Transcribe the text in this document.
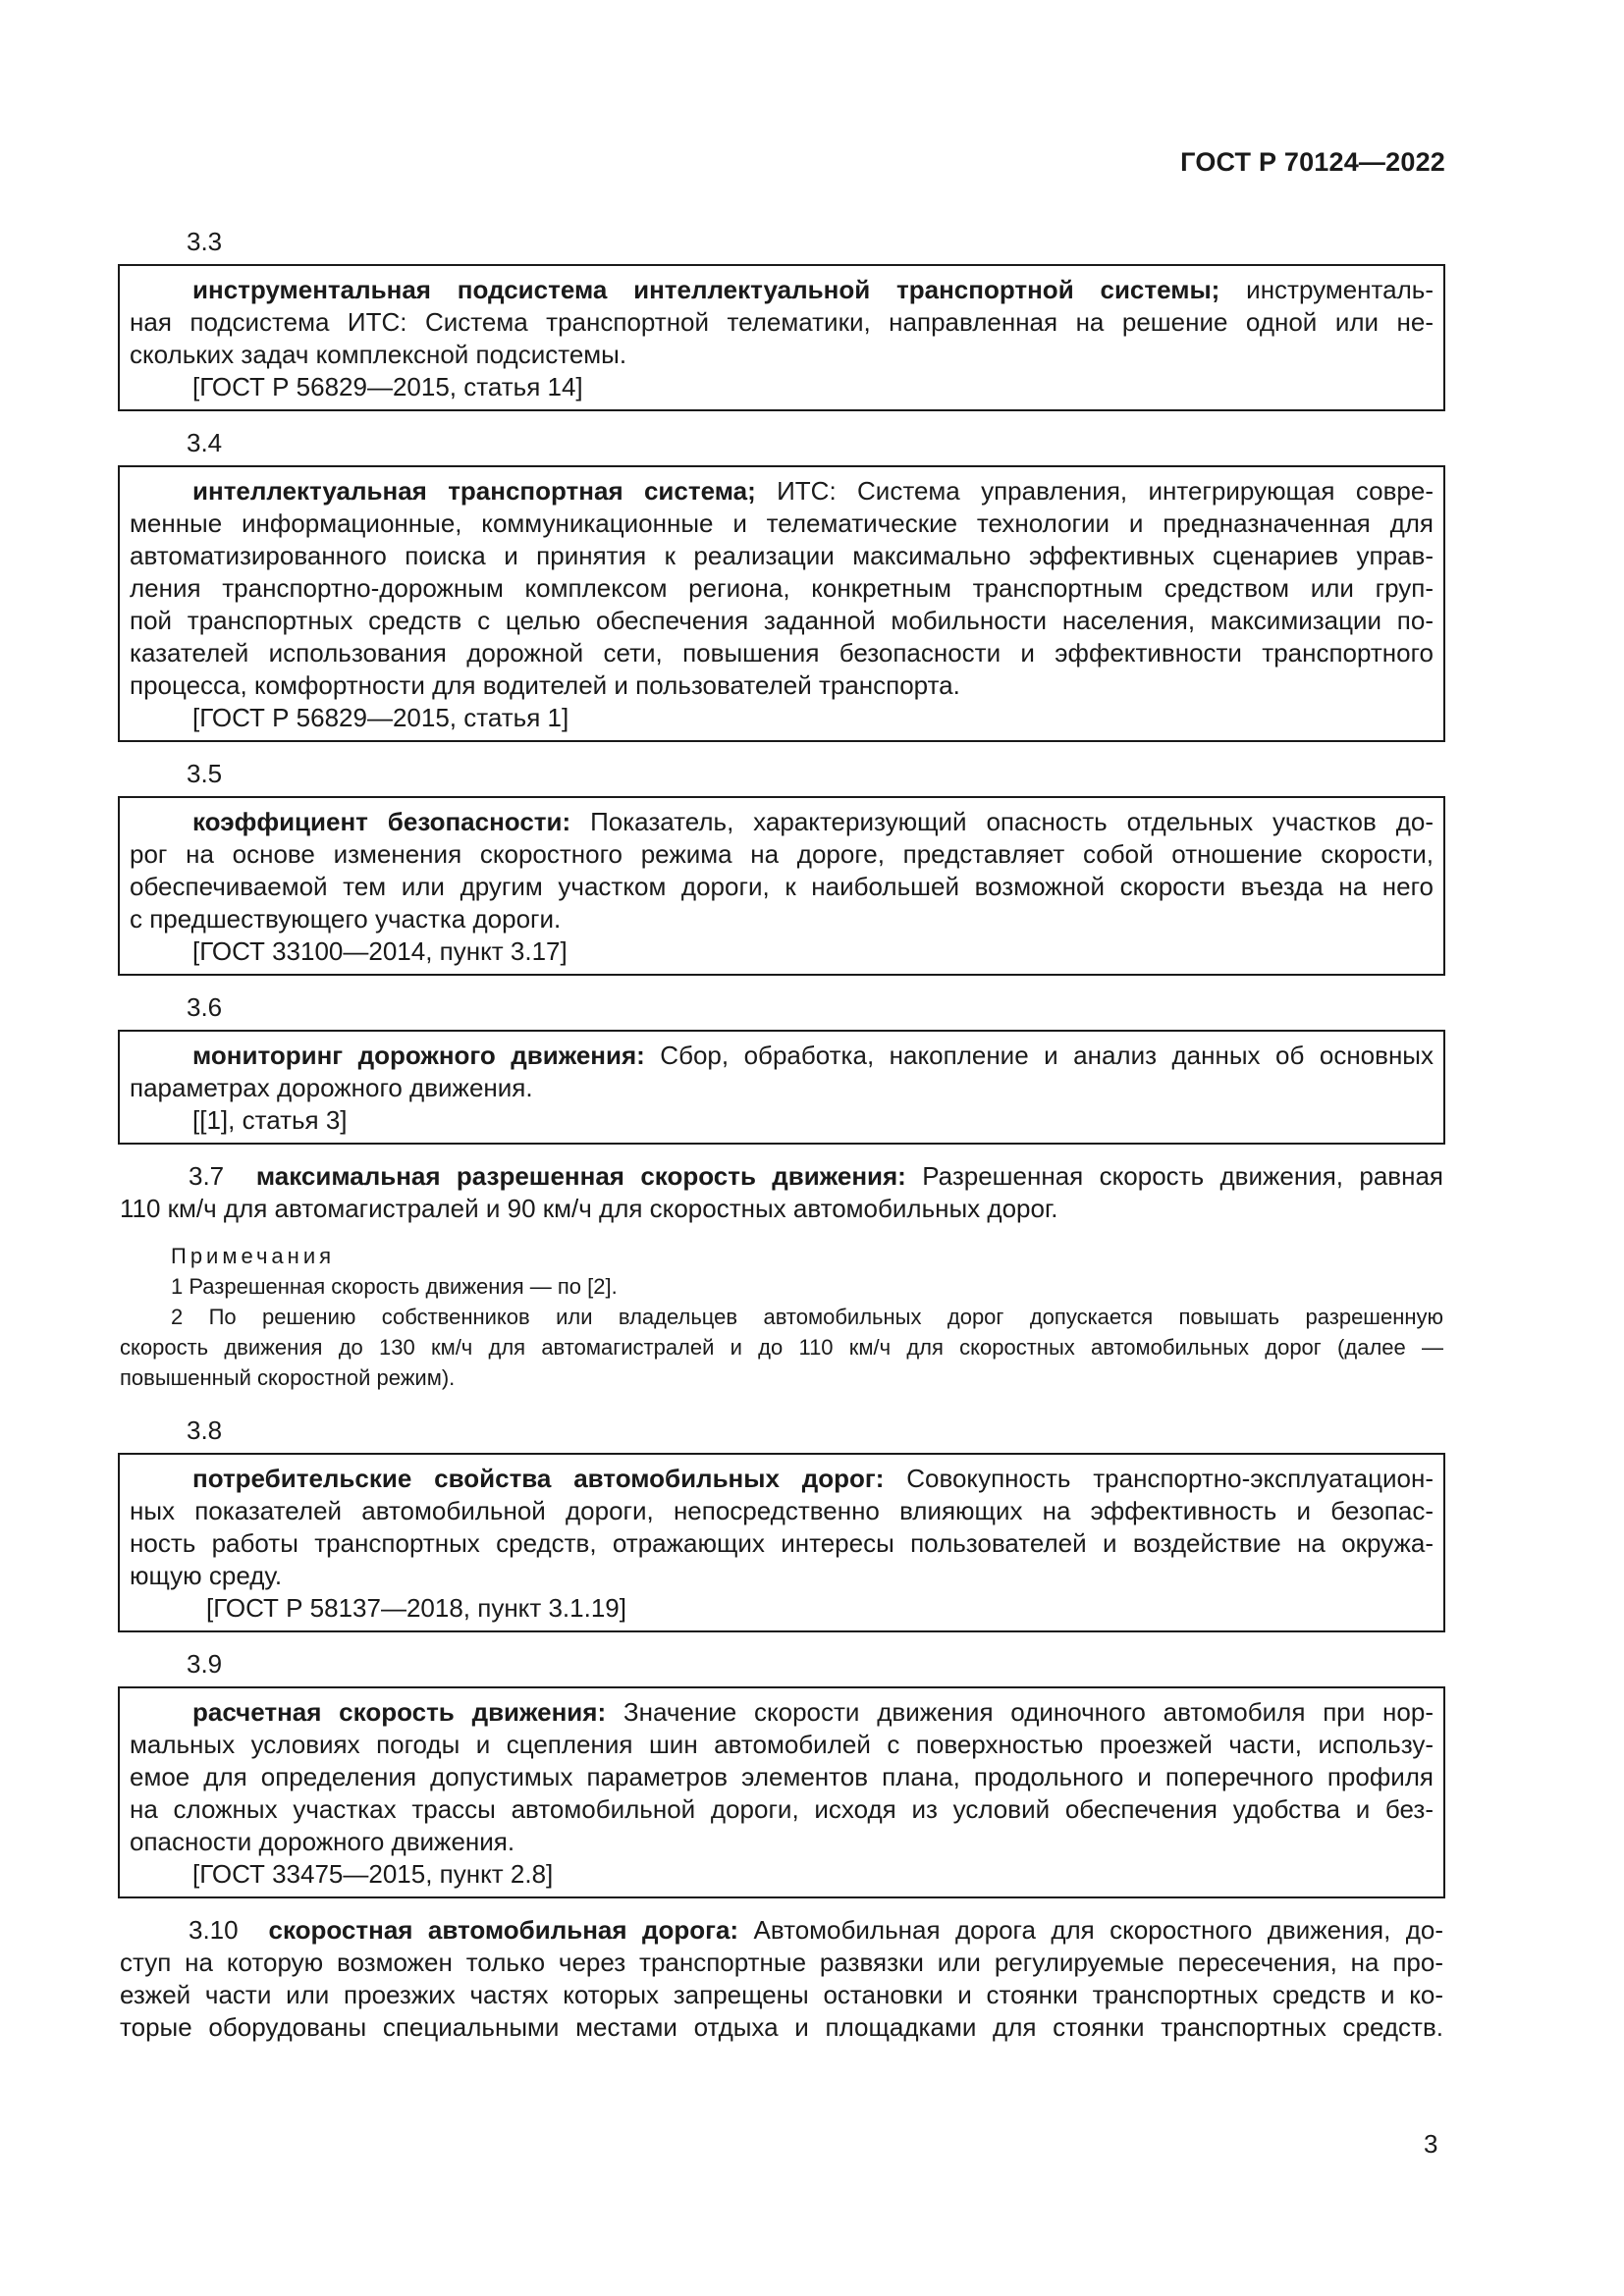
ГОСТ Р 70124—2022
3.3
инструментальная подсистема интеллектуальной транспортной системы; инструменталь-
ная подсистема ИТС: Система транспортной телематики, направленная на решение одной или не-
скольких задач комплексной подсистемы.
[ГОСТ Р 56829—2015, статья 14]
3.4
интеллектуальная транспортная система; ИТС: Система управления, интегрирующая совре-
менные информационные, коммуникационные и телематические технологии и предназначенная для
автоматизированного поиска и принятия к реализации максимально эффективных сценариев управ-
ления транспортно-дорожным комплексом региона, конкретным транспортным средством или груп-
пой транспортных средств с целью обеспечения заданной мобильности населения, максимизации по-
казателей использования дорожной сети, повышения безопасности и эффективности транспортного
процесса, комфортности для водителей и пользователей транспорта.
[ГОСТ Р 56829—2015, статья 1]
3.5
коэффициент безопасности: Показатель, характеризующий опасность отдельных участков до-
рог на основе изменения скоростного режима на дороге, представляет собой отношение скорости,
обеспечиваемой тем или другим участком дороги, к наибольшей возможной скорости въезда на него
с предшествующего участка дороги.
[ГОСТ 33100—2014, пункт 3.17]
3.6
мониторинг дорожного движения: Сбор, обработка, накопление и анализ данных об основных
параметрах дорожного движения.
[[1], статья 3]
3.7 максимальная разрешенная скорость движения: Разрешенная скорость движения, равная
110 км/ч для автомагистралей и 90 км/ч для скоростных автомобильных дорог.
Примечания
1 Разрешенная скорость движения — по [2].
2 По решению собственников или владельцев автомобильных дорог допускается повышать разрешенную
скорость движения до 130 км/ч для автомагистралей и до 110 км/ч для скоростных автомобильных дорог (далее —
повышенный скоростной режим).
3.8
потребительские свойства автомобильных дорог: Совокупность транспортно-эксплуатацион-
ных показателей автомобильной дороги, непосредственно влияющих на эффективность и безопас-
ность работы транспортных средств, отражающих интересы пользователей и воздействие на окружа-
ющую среду.
[ГОСТ Р 58137—2018, пункт 3.1.19]
3.9
расчетная скорость движения: Значение скорости движения одиночного автомобиля при нор-
мальных условиях погоды и сцепления шин автомобилей с поверхностью проезжей части, использу-
емое для определения допустимых параметров элементов плана, продольного и поперечного профиля
на сложных участках трассы автомобильной дороги, исходя из условий обеспечения удобства и без-
опасности дорожного движения.
[ГОСТ 33475—2015, пункт 2.8]
3.10 скоростная автомобильная дорога: Автомобильная дорога для скоростного движения, до-
ступ на которую возможен только через транспортные развязки или регулируемые пересечения, на про-
езжей части или проезжих частях которых запрещены остановки и стоянки транспортных средств и ко-
торые оборудованы специальными местами отдыха и площадками для стоянки транспортных средств.
3
